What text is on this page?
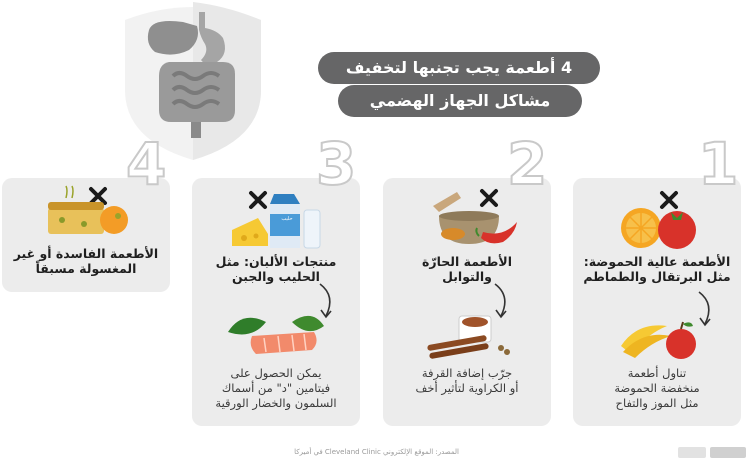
4 أطعمة يجب تجنبها لتخفيف
مشاكل الجهاز الهضمي
الأطعمة عالية الحموضة:
مثل البرتقال والطماطم
تناول أطعمة
منخفضة الحموضة
مثل الموز والتفاح
1
الأطعمة الحارّة
والتوابل
جرّب إضافة القرفة
أو الكراوية لتأثير أخف
2
حليب
منتجات الألبان: مثل
الحليب والجبن
يمكن الحصول على
فيتامين "د" من أسماك
السلمون والخضار الورقية
3
الأطعمة الفاسدة أو غير
المغسولة مسبقاً
4
المصدر: الموقع الإلكتروني Cleveland Clinic في أميركا
